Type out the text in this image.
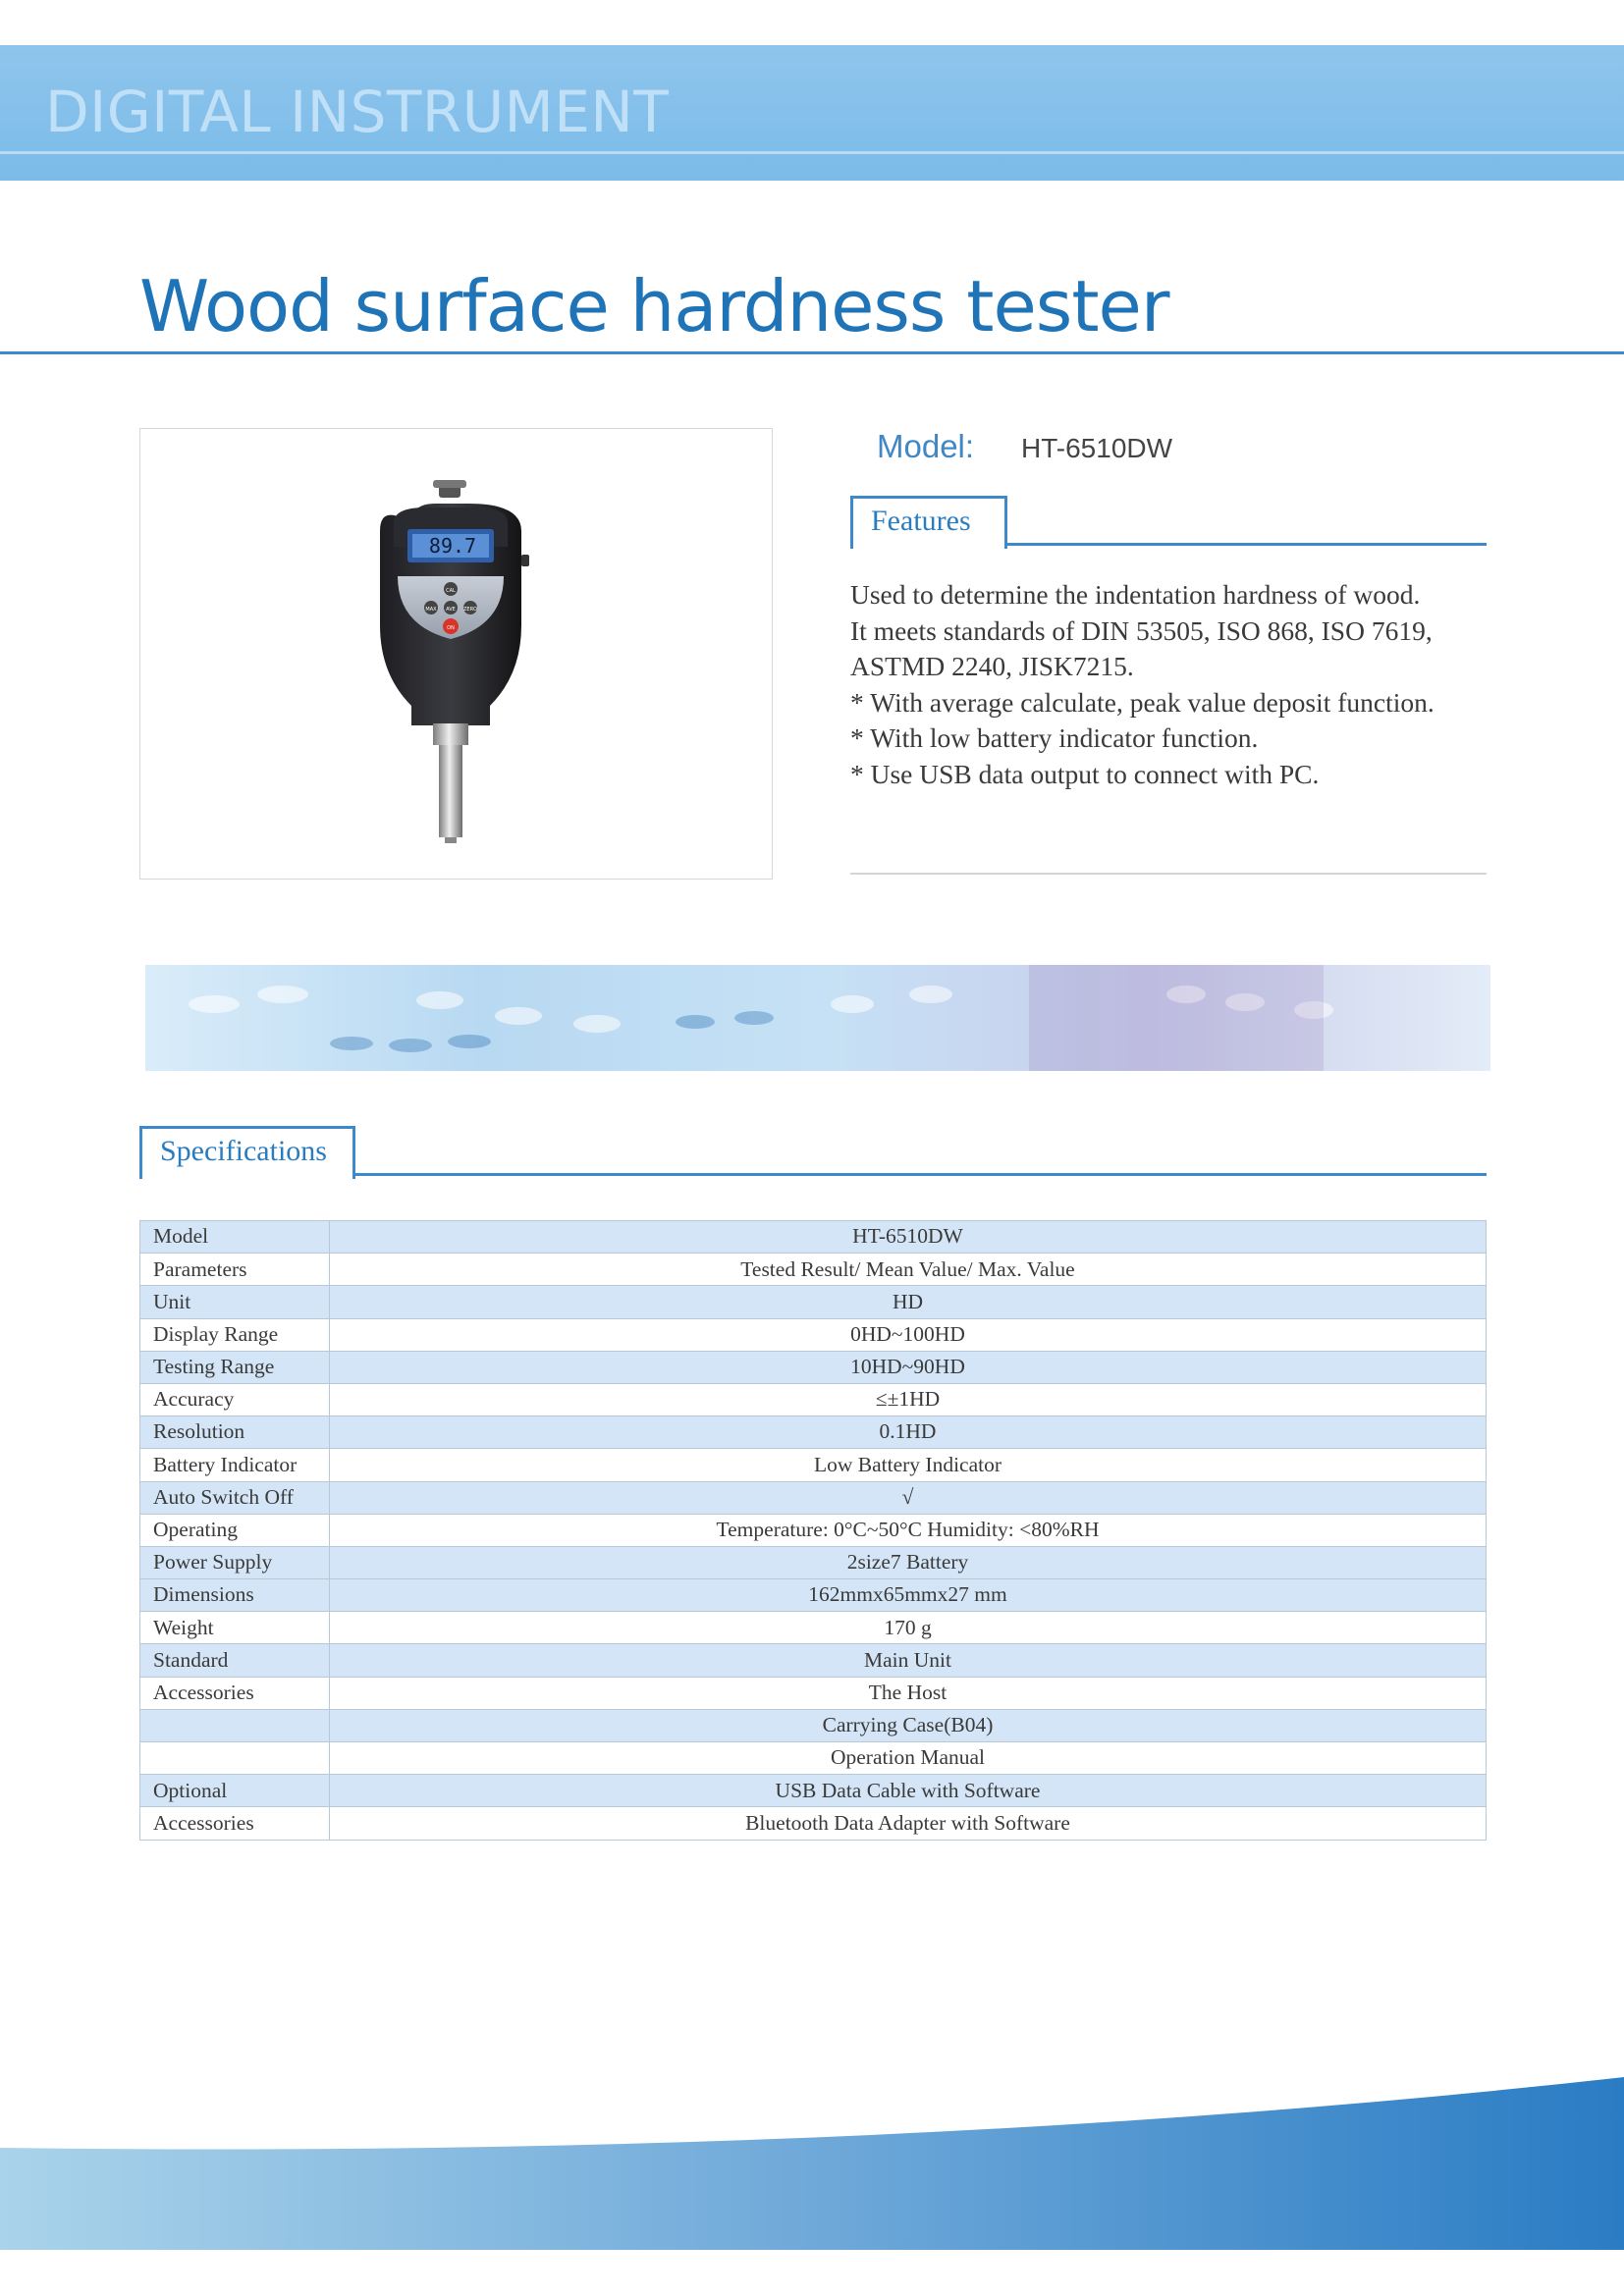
DIGITAL INSTRUMENT
Wood surface hardness tester
89.7
CAL
MAX AVE ZERO
ON
Model: HT-6510DW
Features

Used to determine the indentation hardness of wood.

It meets standards of DIN 53505, ISO 868, ISO 7619,

ASTMD 2240, JISK7215.

* With average calculate, peak value deposit function.

* With low battery indicator function.

* Use USB data output to connect with PC.

Specifications
Model	HT-6510DW
Parameters	Tested Result/ Mean Value/ Max. Value
Unit	HD
Display Range	0HD~100HD
Testing Range	10HD~90HD
Accuracy	≤±1HD
Resolution	0.1HD
Battery Indicator	Low Battery Indicator
Auto Switch Off	√
Operating	Temperature: 0°C~50°C Humidity: <80%RH
Power Supply	2size7 Battery
Dimensions	162mmx65mmx27 mm
Weight	170 g
Standard	Main Unit
Accessories	The Host
	Carrying Case(B04)
	Operation Manual
Optional	USB Data Cable with Software
Accessories	Bluetooth Data Adapter with Software
